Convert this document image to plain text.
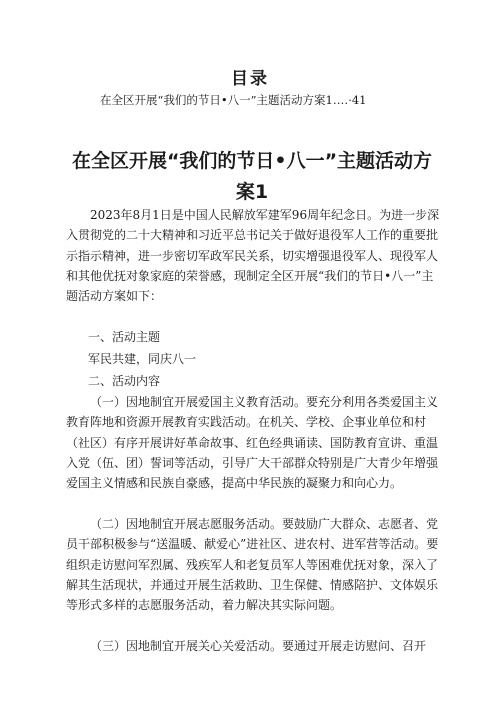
目录
在全区开展“我们的节日•八一”主题活动方案1‥‥·41
在全区开展“我们的节日•八一”主题活动方
案1
2023年8月1日是中国人民解放军建军96周年纪念日。为进一步深入贯彻党的二十大精神和习近平总书记关于做好退役军人工作的重要批示指示精神，进一步密切军政军民关系，切实增强退役军人、现役军人和其他优抚对象家庭的荣誉感，现制定全区开展“我们的节日•八一”主题活动方案如下：
一、活动主题
军民共建，同庆八一
二、活动内容
（一）因地制宜开展爱国主义教育活动。要充分利用各类爱国主义教育阵地和资源开展教育实践活动。在机关、学校、企事业单位和村（社区）有序开展讲好革命故事、红色经典诵读、国防教育宣讲、重温入党（伍、团）誓词等活动，引导广大干部群众特别是广大青少年增强爱国主义情感和民族自豪感，提高中华民族的凝聚力和向心力。
（二）因地制宜开展志愿服务活动。要鼓励广大群众、志愿者、党员干部积极参与“送温暖、献爱心”进社区、进农村、进军营等活动。要组织走访慰问军烈属、残疾军人和老复员军人等困难优抚对象，深入了解其生活现状，并通过开展生活救助、卫生保健、情感陪护、文体娱乐等形式多样的志愿服务活动，着力解决其实际问题。
（三）因地制宜开展关心关爱活动。要通过开展走访慰问、召开
